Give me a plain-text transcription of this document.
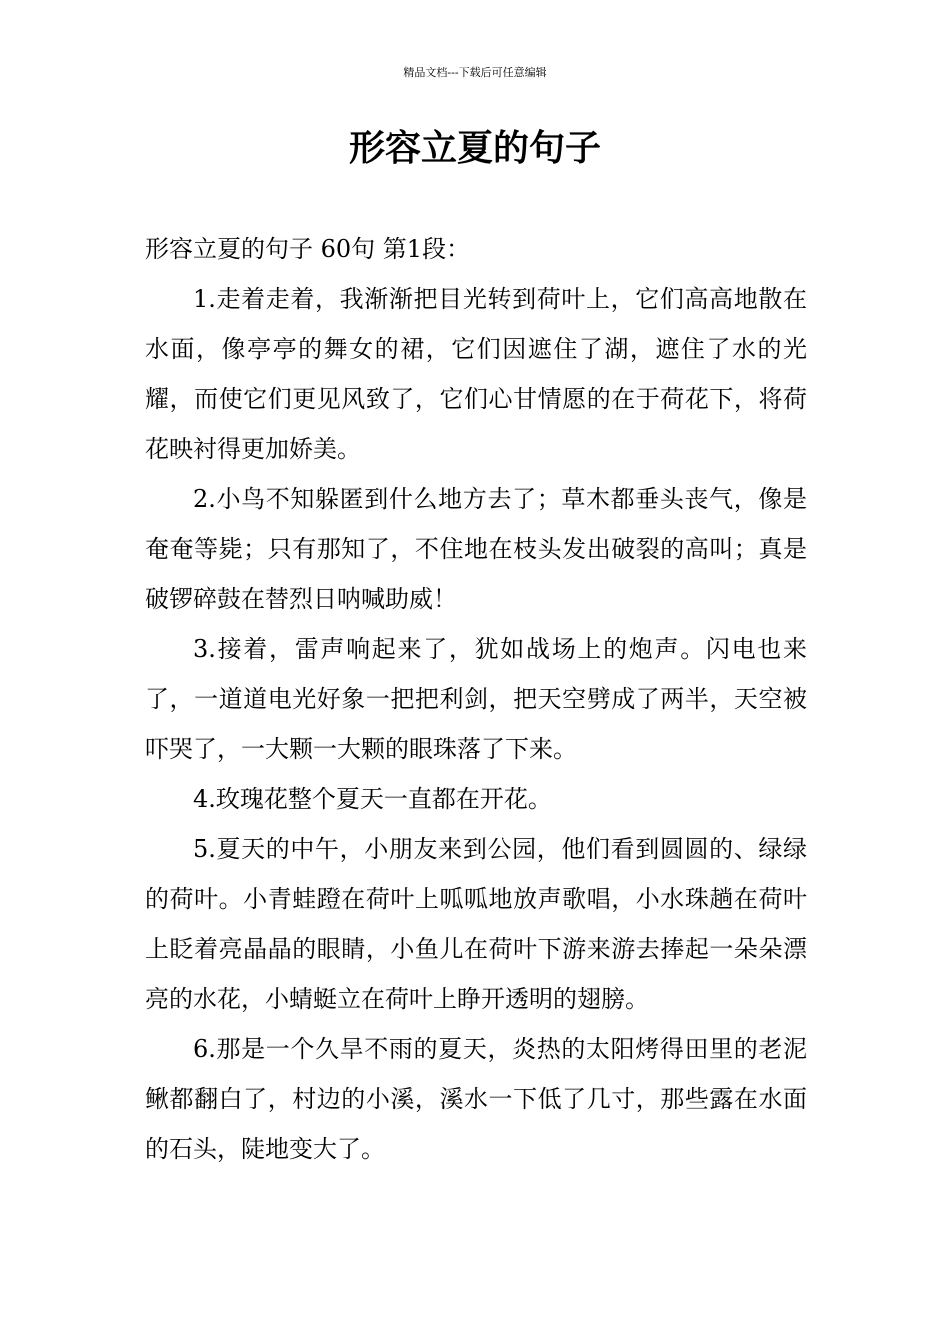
精品文档---下载后可任意编辑
形容立夏的句子

形容立夏的句子 60句 第1段：

1.走着走着，我渐渐把目光转到荷叶上，它们高高地散在水面，像亭亭的舞女的裙，它们因遮住了湖，遮住了水的光耀，而使它们更见风致了，它们心甘情愿的在于荷花下，将荷花映衬得更加娇美。

2.小鸟不知躲匿到什么地方去了；草木都垂头丧气，像是奄奄等毙；只有那知了，不住地在枝头发出破裂的高叫；真是破锣碎鼓在替烈日呐喊助威！

3.接着，雷声响起来了，犹如战场上的炮声。闪电也来了，一道道电光好象一把把利剑，把天空劈成了两半，天空被吓哭了，一大颗一大颗的眼珠落了下来。

4.玫瑰花整个夏天一直都在开花。

5.夏天的中午，小朋友来到公园，他们看到圆圆的、绿绿的荷叶。小青蛙蹬在荷叶上呱呱地放声歌唱，小水珠趟在荷叶上眨着亮晶晶的眼睛，小鱼儿在荷叶下游来游去捧起一朵朵漂亮的水花，小蜻蜓立在荷叶上睁开透明的翅膀。

6.那是一个久旱不雨的夏天，炎热的太阳烤得田里的老泥鳅都翻白了，村边的小溪，溪水一下低了几寸，那些露在水面的石头，陡地变大了。
